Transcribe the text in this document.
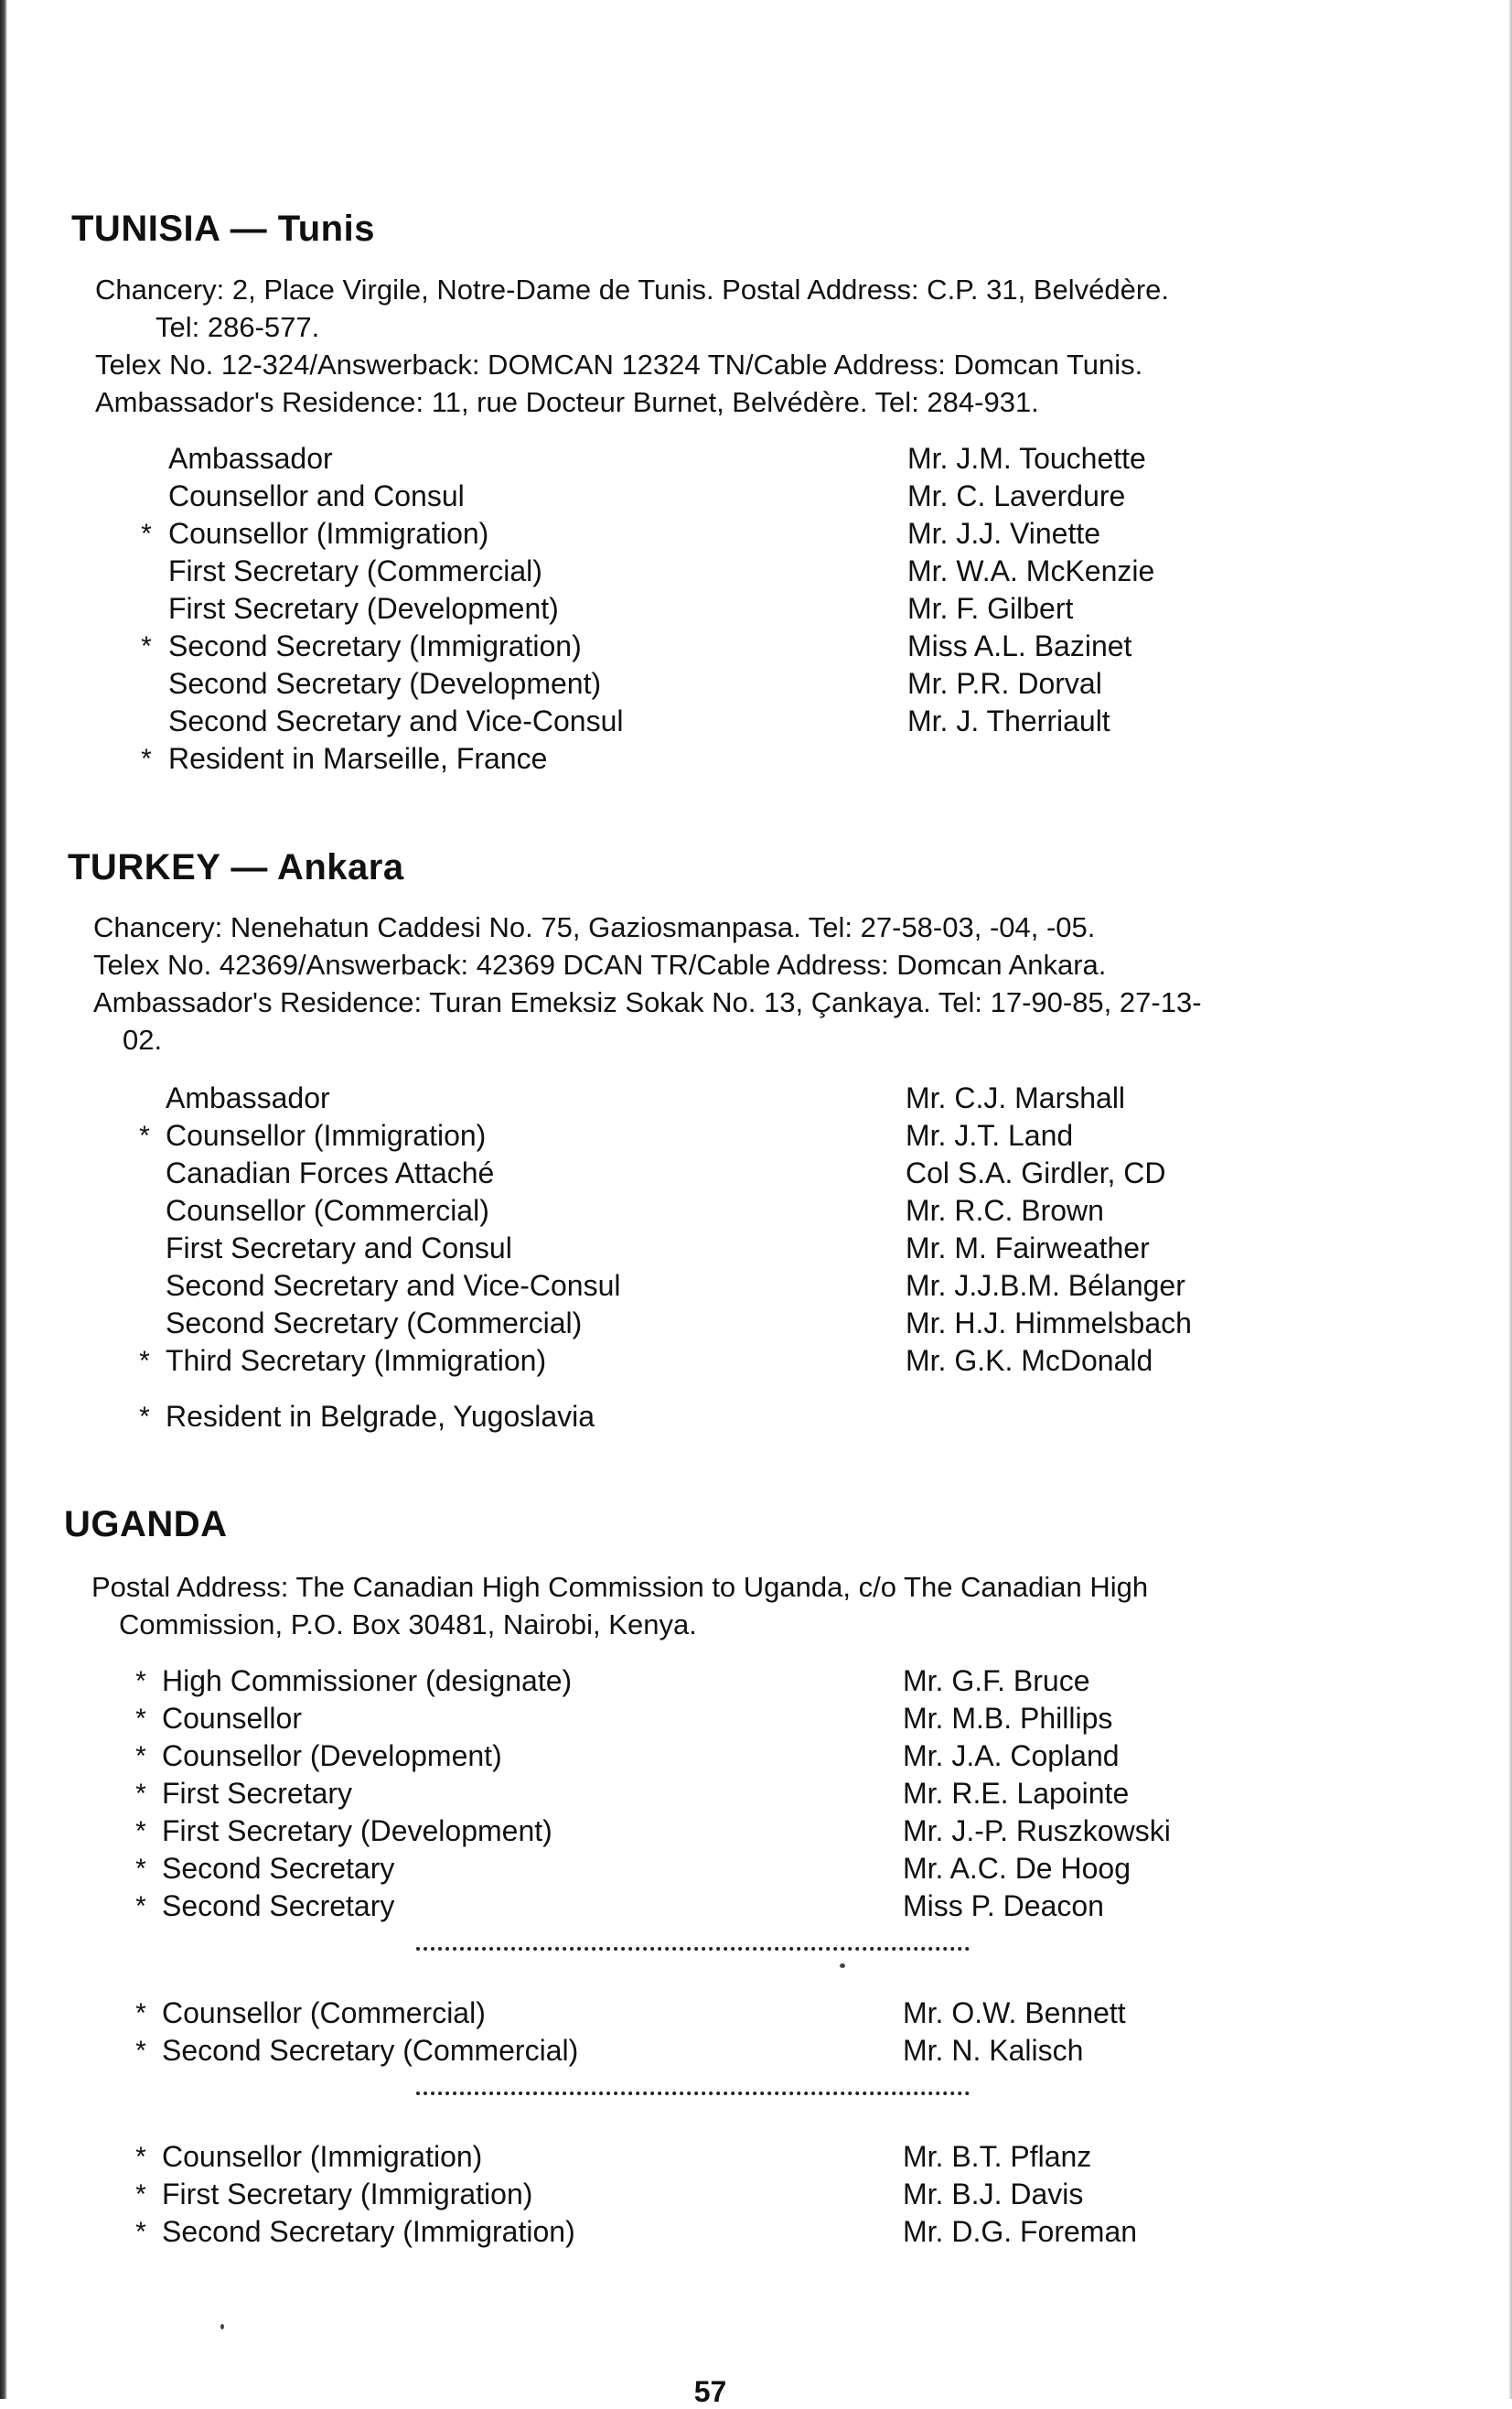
TUNISIA — Tunis
Chancery: 2, Place Virgile, Notre-Dame de Tunis. Postal Address: C.P. 31, Belvédère.
Tel: 286-577.
Telex No. 12-324/Answerback: DOMCAN 12324 TN/Cable Address: Domcan Tunis.
Ambassador's Residence: 11, rue Docteur Burnet, Belvédère. Tel: 284-931.
Ambassador	Mr. J.M. Touchette
Counsellor and Consul	Mr. C. Laverdure
* Counsellor (Immigration)	Mr. J.J. Vinette
First Secretary (Commercial)	Mr. W.A. McKenzie
First Secretary (Development)	Mr. F. Gilbert
* Second Secretary (Immigration)	Miss A.L. Bazinet
Second Secretary (Development)	Mr. P.R. Dorval
Second Secretary and Vice-Consul	Mr. J. Therriault
* Resident in Marseille, France
TURKEY — Ankara
Chancery: Nenehatun Caddesi No. 75, Gaziosmanpasa. Tel: 27-58-03, -04, -05.
Telex No. 42369/Answerback: 42369 DCAN TR/Cable Address: Domcan Ankara.
Ambassador's Residence: Turan Emeksiz Sokak No. 13, Çankaya. Tel: 17-90-85, 27-13-
02.
Ambassador	Mr. C.J. Marshall
* Counsellor (Immigration)	Mr. J.T. Land
Canadian Forces Attaché	Col S.A. Girdler, CD
Counsellor (Commercial)	Mr. R.C. Brown
First Secretary and Consul	Mr. M. Fairweather
Second Secretary and Vice-Consul	Mr. J.J.B.M. Bélanger
Second Secretary (Commercial)	Mr. H.J. Himmelsbach
* Third Secretary (Immigration)	Mr. G.K. McDonald
* Resident in Belgrade, Yugoslavia
UGANDA
Postal Address: The Canadian High Commission to Uganda, c/o The Canadian High
Commission, P.O. Box 30481, Nairobi, Kenya.
* High Commissioner (designate)	Mr. G.F. Bruce
* Counsellor	Mr. M.B. Phillips
* Counsellor (Development)	Mr. J.A. Copland
* First Secretary	Mr. R.E. Lapointe
* First Secretary (Development)	Mr. J.-P. Ruszkowski
* Second Secretary	Mr. A.C. De Hoog
* Second Secretary	Miss P. Deacon
* Counsellor (Commercial)	Mr. O.W. Bennett
* Second Secretary (Commercial)	Mr. N. Kalisch
* Counsellor (Immigration)	Mr. B.T. Pflanz
* First Secretary (Immigration)	Mr. B.J. Davis
* Second Secretary (Immigration)	Mr. D.G. Foreman
57
